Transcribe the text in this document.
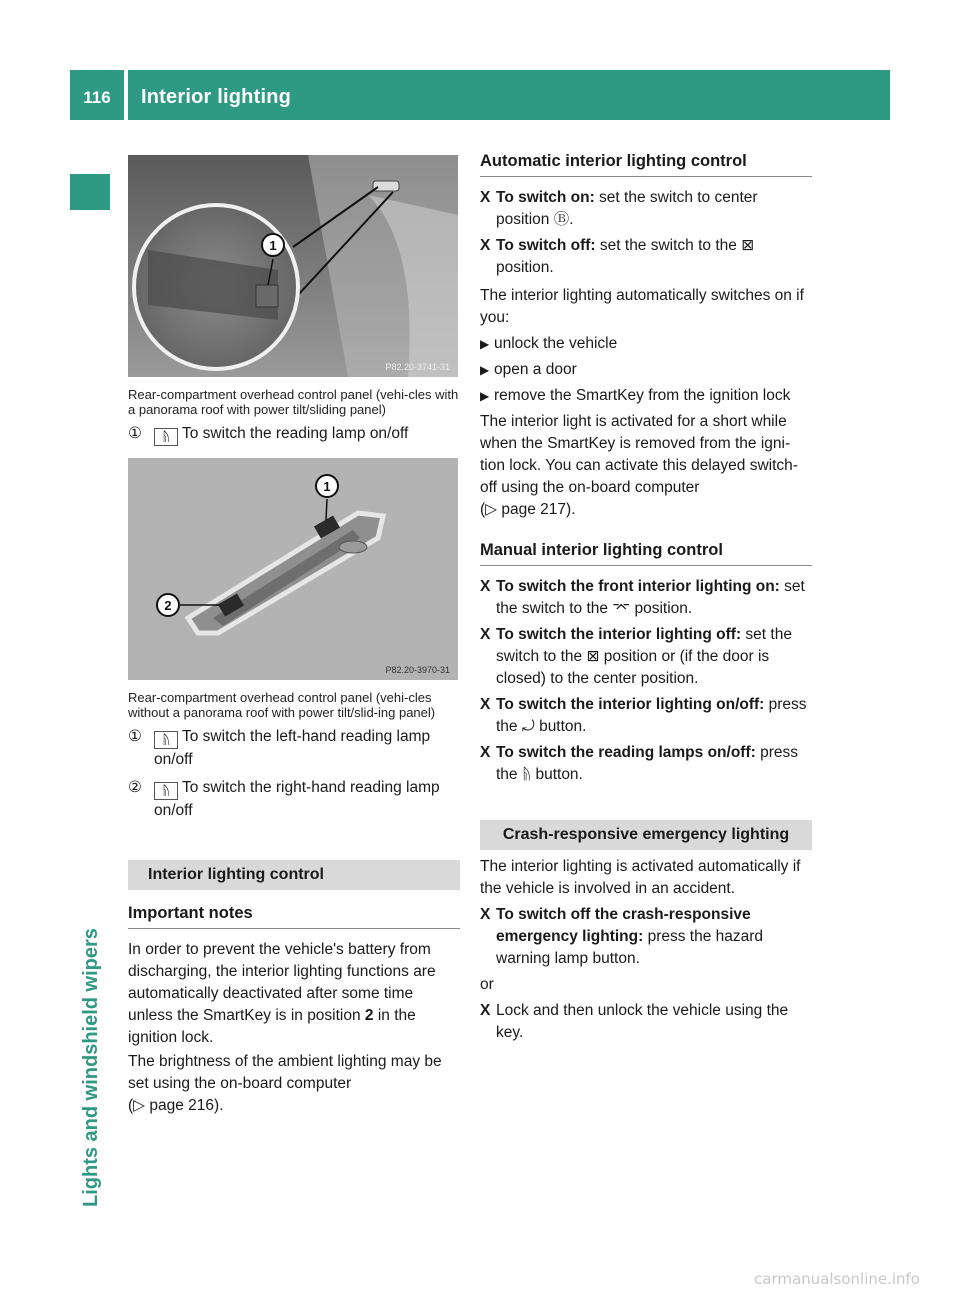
116	Interior lighting
Lights and windshield wipers
1
P82.20-3741-31
Rear-compartment overhead control panel (vehi-cles with a panorama roof with power tilt/sliding panel)
①	ᚥ To switch the reading lamp on/off
1
2
P82.20-3970-31
Rear-compartment overhead control panel (vehi-cles without a panorama roof with power tilt/slid-ing panel)
①	ᚥ To switch the left-hand reading lamp on/off
②	ᚥ To switch the right-hand reading lamp on/off
Interior lighting control
Important notes

In order to prevent the vehicle's battery from discharging, the interior lighting functions are automatically deactivated after some time unless the SmartKey is in position 2 in the ignition lock.

The brightness of the ambient lighting may be set using the on-board computer
(▷ page 216).

Automatic interior lighting control
X To switch on: set the switch to center position Ⓑ.
X To switch off: set the switch to the ⊠ position.

The interior lighting automatically switches on if you:

▶ unlock the vehicle
▶ open a door
▶ remove the SmartKey from the ignition lock

The interior light is activated for a short while when the SmartKey is removed from the igni-tion lock. You can activate this delayed switch-off using the on-board computer
(▷ page 217).

Manual interior lighting control
X To switch the front interior lighting on: set the switch to the ⌤ position.
X To switch the interior lighting off: set the switch to the ⊠ position or (if the door is closed) to the center position.
X To switch the interior lighting on/off: press the ⤾ button.
X To switch the reading lamps on/off: press the ᚥ button.
Crash-responsive emergency lighting

The interior lighting is activated automatically if the vehicle is involved in an accident.

X To switch off the crash-responsive emergency lighting: press the hazard warning lamp button.

or

X Lock and then unlock the vehicle using the key.
carmanualsonline.info
